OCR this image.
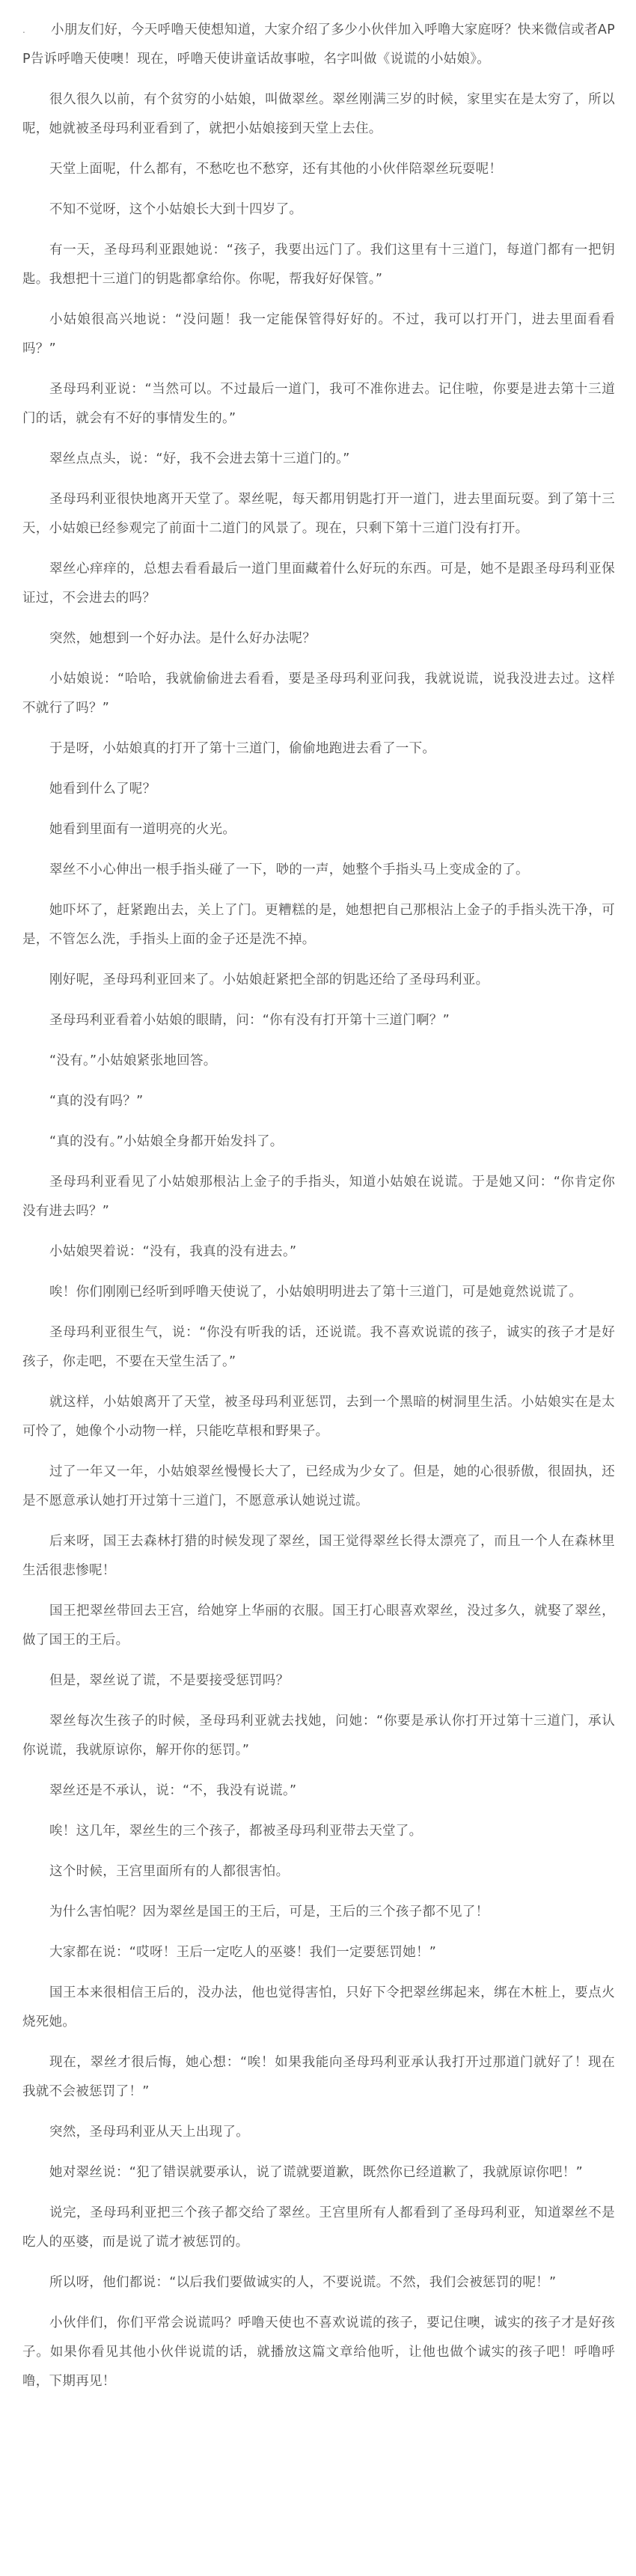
. 小朋友们好，今天呼噜天使想知道，大家介绍了多少小伙伴加入呼噜大家庭呀？快来微信或者APP告诉呼噜天使噢！现在，呼噜天使讲童话故事啦，名字叫做《说谎的小姑娘》。

很久很久以前，有个贫穷的小姑娘，叫做翠丝。翠丝刚满三岁的时候，家里实在是太穷了，所以呢，她就被圣母玛利亚看到了，就把小姑娘接到天堂上去住。

天堂上面呢，什么都有，不愁吃也不愁穿，还有其他的小伙伴陪翠丝玩耍呢！

不知不觉呀，这个小姑娘长大到十四岁了。

有一天，圣母玛利亚跟她说：“孩子，我要出远门了。我们这里有十三道门，每道门都有一把钥匙。我想把十三道门的钥匙都拿给你。你呢，帮我好好保管。”

小姑娘很高兴地说：“没问题！我一定能保管得好好的。不过，我可以打开门，进去里面看看吗？”

圣母玛利亚说：“当然可以。不过最后一道门，我可不准你进去。记住啦，你要是进去第十三道门的话，就会有不好的事情发生的。”

翠丝点点头，说：“好，我不会进去第十三道门的。”

圣母玛利亚很快地离开天堂了。翠丝呢，每天都用钥匙打开一道门，进去里面玩耍。到了第十三天，小姑娘已经参观完了前面十二道门的风景了。现在，只剩下第十三道门没有打开。

翠丝心痒痒的，总想去看看最后一道门里面藏着什么好玩的东西。可是，她不是跟圣母玛利亚保证过，不会进去的吗？

突然，她想到一个好办法。是什么好办法呢？

小姑娘说：“哈哈，我就偷偷进去看看，要是圣母玛利亚问我，我就说谎，说我没进去过。这样不就行了吗？”

于是呀，小姑娘真的打开了第十三道门，偷偷地跑进去看了一下。

她看到什么了呢？

她看到里面有一道明亮的火光。

翠丝不小心伸出一根手指头碰了一下，唦的一声，她整个手指头马上变成金的了。

她吓坏了，赶紧跑出去，关上了门。更糟糕的是，她想把自己那根沾上金子的手指头洗干净，可是，不管怎么洗，手指头上面的金子还是洗不掉。

刚好呢，圣母玛利亚回来了。小姑娘赶紧把全部的钥匙还给了圣母玛利亚。

圣母玛利亚看着小姑娘的眼睛，问：“你有没有打开第十三道门啊？”

“没有。”小姑娘紧张地回答。

“真的没有吗？”

“真的没有。”小姑娘全身都开始发抖了。

圣母玛利亚看见了小姑娘那根沾上金子的手指头，知道小姑娘在说谎。于是她又问：“你肯定你没有进去吗？”

小姑娘哭着说：“没有，我真的没有进去。”

唉！你们刚刚已经听到呼噜天使说了，小姑娘明明进去了第十三道门，可是她竟然说谎了。

圣母玛利亚很生气，说：“你没有听我的话，还说谎。我不喜欢说谎的孩子，诚实的孩子才是好孩子，你走吧，不要在天堂生活了。”

就这样，小姑娘离开了天堂，被圣母玛利亚惩罚，去到一个黑暗的树洞里生活。小姑娘实在是太可怜了，她像个小动物一样，只能吃草根和野果子。

过了一年又一年，小姑娘翠丝慢慢长大了，已经成为少女了。但是，她的心很骄傲，很固执，还是不愿意承认她打开过第十三道门，不愿意承认她说过谎。

后来呀，国王去森林打猎的时候发现了翠丝，国王觉得翠丝长得太漂亮了，而且一个人在森林里生活很悲惨呢！

国王把翠丝带回去王宫，给她穿上华丽的衣服。国王打心眼喜欢翠丝，没过多久，就娶了翠丝，做了国王的王后。

但是，翠丝说了谎，不是要接受惩罚吗？

翠丝每次生孩子的时候，圣母玛利亚就去找她，问她：“你要是承认你打开过第十三道门，承认你说谎，我就原谅你，解开你的惩罚。”

翠丝还是不承认，说：“不，我没有说谎。”

唉！这几年，翠丝生的三个孩子，都被圣母玛利亚带去天堂了。

这个时候，王宫里面所有的人都很害怕。

为什么害怕呢？因为翠丝是国王的王后，可是，王后的三个孩子都不见了！

大家都在说：“哎呀！王后一定吃人的巫婆！我们一定要惩罚她！”

国王本来很相信王后的，没办法，他也觉得害怕，只好下令把翠丝绑起来，绑在木桩上，要点火烧死她。

现在，翠丝才很后悔，她心想：“唉！如果我能向圣母玛利亚承认我打开过那道门就好了！现在我就不会被惩罚了！”

突然，圣母玛利亚从天上出现了。

她对翠丝说：“犯了错误就要承认，说了谎就要道歉，既然你已经道歉了，我就原谅你吧！”

说完，圣母玛利亚把三个孩子都交给了翠丝。王宫里所有人都看到了圣母玛利亚，知道翠丝不是吃人的巫婆，而是说了谎才被惩罚的。

所以呀，他们都说：“以后我们要做诚实的人，不要说谎。不然，我们会被惩罚的呢！”

小伙伴们，你们平常会说谎吗？呼噜天使也不喜欢说谎的孩子，要记住噢，诚实的孩子才是好孩子。如果你看见其他小伙伴说谎的话，就播放这篇文章给他听，让他也做个诚实的孩子吧！呼噜呼噜，下期再见！
